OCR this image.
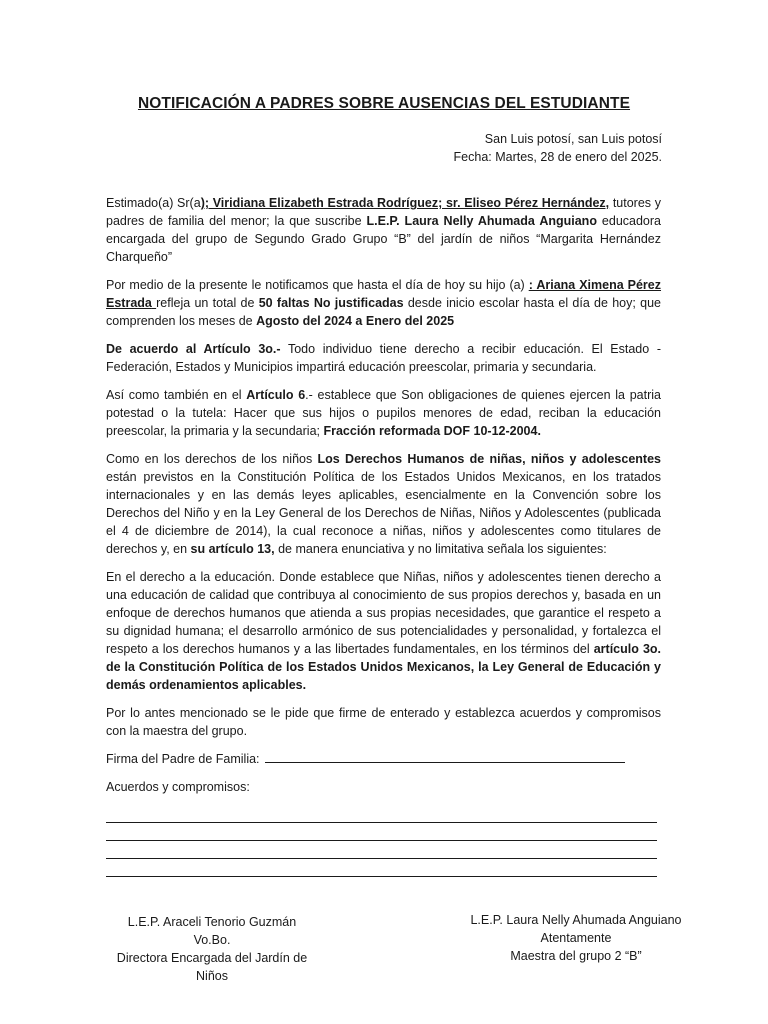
NOTIFICACIÓN A PADRES SOBRE AUSENCIAS DEL ESTUDIANTE
San Luis potosí, san Luis potosí
Fecha: Martes, 28 de enero del 2025.

Estimado(a) Sr(a); Viridiana Elizabeth Estrada Rodríguez; sr. Eliseo Pérez Hernández, tutores y padres de familia del menor; la que suscribe L.E.P. Laura Nelly Ahumada Anguiano educadora encargada del grupo de Segundo Grado Grupo “B” del jardín de niños “Margarita Hernández Charqueño”

Por medio de la presente le notificamos que hasta el día de hoy su hijo (a) : Ariana Ximena Pérez Estrada refleja un total de 50 faltas No justificadas desde inicio escolar hasta el día de hoy; que comprenden los meses de Agosto del 2024 a Enero del 2025

De acuerdo al Artículo 3o.- Todo individuo tiene derecho a recibir educación. El Estado - Federación, Estados y Municipios impartirá educación preescolar, primaria y secundaria.

Así como también en el Artículo 6.- establece que Son obligaciones de quienes ejercen la patria potestad o la tutela: Hacer que sus hijos o pupilos menores de edad, reciban la educación preescolar, la primaria y la secundaria; Fracción reformada DOF 10-12-2004.

Como en los derechos de los niños Los Derechos Humanos de niñas, niños y adolescentes están previstos en la Constitución Política de los Estados Unidos Mexicanos, en los tratados internacionales y en las demás leyes aplicables, esencialmente en la Convención sobre los Derechos del Niño y en la Ley General de los Derechos de Niñas, Niños y Adolescentes (publicada el 4 de diciembre de 2014), la cual reconoce a niñas, niños y adolescentes como titulares de derechos y, en su artículo 13, de manera enunciativa y no limitativa señala los siguientes:

En el derecho a la educación. Donde establece que Niñas, niños y adolescentes tienen derecho a una educación de calidad que contribuya al conocimiento de sus propios derechos y, basada en un enfoque de derechos humanos que atienda a sus propias necesidades, que garantice el respeto a su dignidad humana; el desarrollo armónico de sus potencialidades y personalidad, y fortalezca el respeto a los derechos humanos y a las libertades fundamentales, en los términos del artículo 3o. de la Constitución Política de los Estados Unidos Mexicanos, la Ley General de Educación y demás ordenamientos aplicables.

Por lo antes mencionado se le pide que firme de enterado y establezca acuerdos y compromisos con la maestra del grupo.

Firma del Padre de Familia:
Acuerdos y compromisos:
L.E.P. Araceli Tenorio Guzmán
Vo.Bo.
Directora Encargada del Jardín de Niños
L.E.P. Laura Nelly Ahumada Anguiano
Atentamente
Maestra del grupo 2 “B”
